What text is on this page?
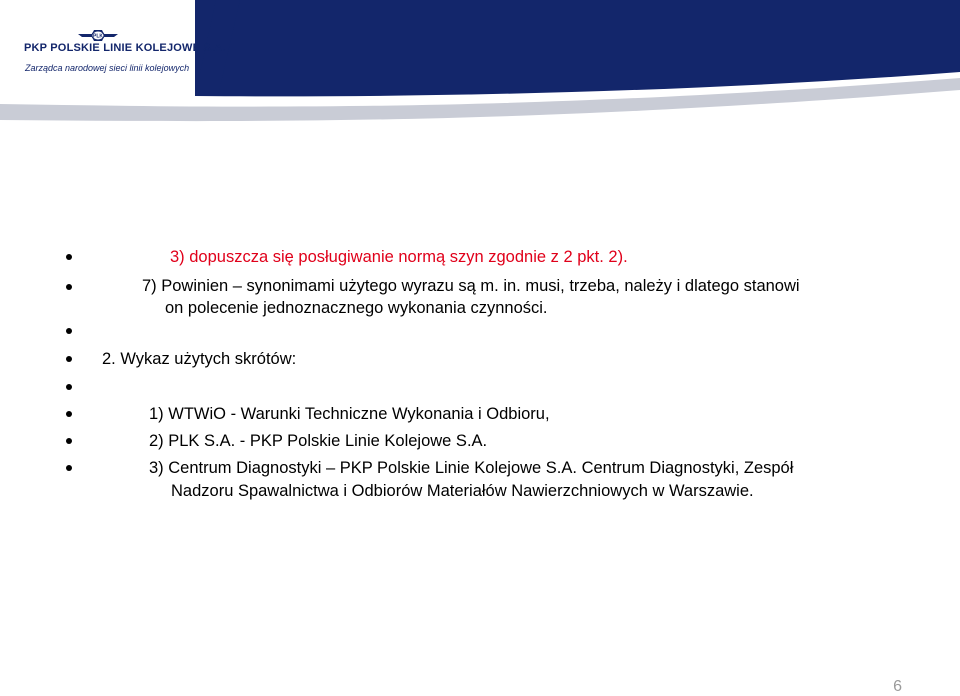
PLK
PKP POLSKIE LINIE KOLEJOWE S.A.
Zarządca narodowej sieci linii kolejowych
3) dopuszcza się posługiwanie normą szyn zgodnie z 2 pkt. 2).
7) Powinien – synonimami użytego wyrazu są m. in. musi, trzeba, należy i dlatego stanowi
on polecenie jednoznacznego wykonania czynności.
2. Wykaz użytych skrótów:
1) WTWiO - Warunki Techniczne Wykonania i Odbioru,
2) PLK S.A. - PKP Polskie Linie Kolejowe S.A.
3) Centrum Diagnostyki – PKP Polskie Linie Kolejowe S.A. Centrum Diagnostyki, Zespół
Nadzoru Spawalnictwa i Odbiorów Materiałów Nawierzchniowych w Warszawie.
6
